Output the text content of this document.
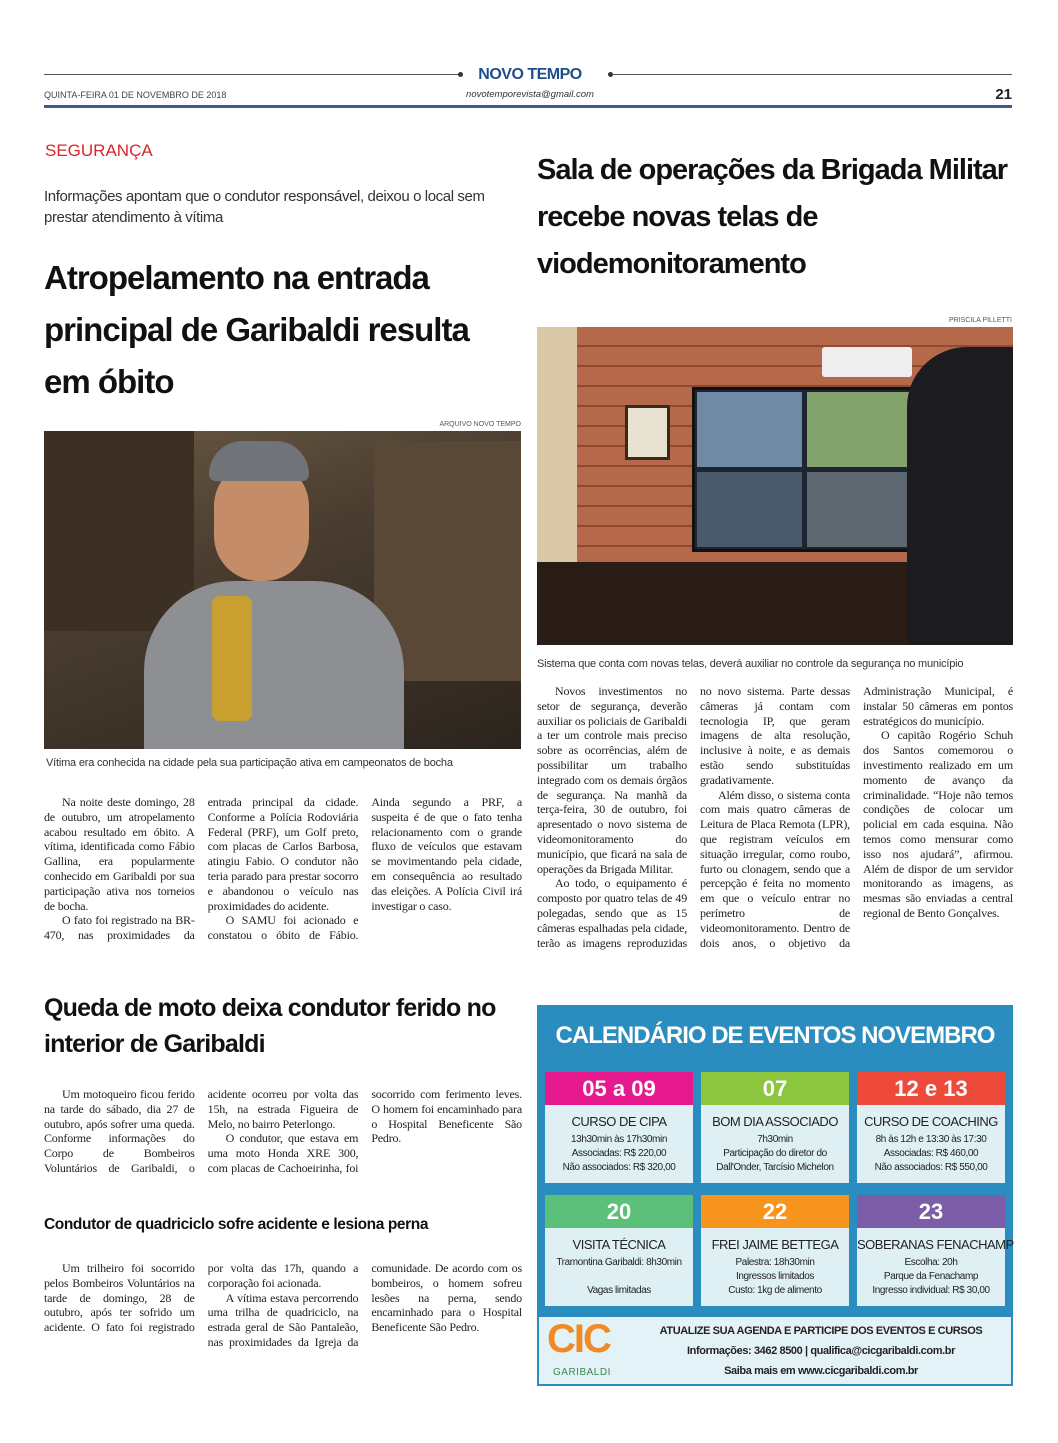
NOVO TEMPO
QUINTA-FEIRA 01 DE NOVEMBRO DE 2018	novotemporevista@gmail.com	21
SEGURANÇA
Informações apontam que o condutor responsável, deixou o local sem prestar atendimento à vítima
Atropelamento na entrada principal de Garibaldi resulta em óbito
ARQUIVO NOVO TEMPO
Vítima era conhecida na cidade pela sua participação ativa em campeonatos de bocha

Na noite deste domingo, 28 de outubro, um atropelamento acabou resultado em óbito. A vítima, identificada como Fábio Gallina, era popularmente conhecido em Garibaldi por sua participação ativa nos torneios de bocha.

O fato foi registrado na BR-470, nas proximidades da entrada principal da cidade. Conforme a Polícia Rodoviária Federal (PRF), um Golf preto, com placas de Carlos Barbosa, atingiu Fabio. O condutor não teria parado para prestar socorro e abandonou o veículo nas proximidades do acidente.

O SAMU foi acionado e constatou o óbito de Fábio. Ainda segundo a PRF, a suspeita é de que o fato tenha relacionamento com o grande fluxo de veículos que estavam se movimentando pela cidade, em consequência ao resultado das eleições. A Polícia Civil irá investigar o caso.

Sala de operações da Brigada Militar recebe novas telas de viodemonitoramento
PRISCILA PILLETTI
Sistema que conta com novas telas, deverá auxiliar no controle da segurança no município

Novos investimentos no setor de segurança, deverão auxiliar os policiais de Garibaldi a ter um controle mais preciso sobre as ocorrências, além de possibilitar um trabalho integrado com os demais órgãos de segurança. Na manhã da terça-feira, 30 de outubro, foi apresentado o novo sistema de videomonitoramento do município, que ficará na sala de operações da Brigada Militar.

Ao todo, o equipamento é composto por quatro telas de 49 polegadas, sendo que as 15 câmeras espalhadas pela cidade, terão as imagens reproduzidas no novo sistema. Parte dessas câmeras já contam com tecnologia IP, que geram imagens de alta resolução, inclusive à noite, e as demais estão sendo substituídas gradativamente.

Além disso, o sistema conta com mais quatro câmeras de Leitura de Placa Remota (LPR), que registram veículos em situação irregular, como roubo, furto ou clonagem, sendo que a percepção é feita no momento em que o veículo entrar no perímetro de videomonitoramento. Dentro de dois anos, o objetivo da Administração Municipal, é instalar 50 câmeras em pontos estratégicos do município.

O capitão Rogério Schuh dos Santos comemorou o investimento realizado em um momento de avanço da criminalidade. “Hoje não temos condições de colocar um policial em cada esquina. Não temos como mensurar como isso nos ajudará”, afirmou. Além de dispor de um servidor monitorando as imagens, as mesmas são enviadas a central regional de Bento Gonçalves.

Queda de moto deixa condutor ferido no interior de Garibaldi

Um motoqueiro ficou ferido na tarde do sábado, dia 27 de outubro, após sofrer uma queda. Conforme informações do Corpo de Bombeiros Voluntários de Garibaldi, o acidente ocorreu por volta das 15h, na estrada Figueira de Melo, no bairro Peterlongo.

O condutor, que estava em uma moto Honda XRE 300, com placas de Cachoeirinha, foi socorrido com ferimento leves. O homem foi encaminhado para o Hospital Beneficente São Pedro.

Condutor de quadriciclo sofre acidente e lesiona perna

Um trilheiro foi socorrido pelos Bombeiros Voluntários na tarde de domingo, 28 de outubro, após ter sofrido um acidente. O fato foi registrado por volta das 17h, quando a corporação foi acionada.

A vítima estava percorrendo uma trilha de quadriciclo, na estrada geral de São Pantaleão, nas proximidades da Igreja da comunidade. De acordo com os bombeiros, o homem sofreu lesões na perna, sendo encaminhado para o Hospital Beneficente São Pedro.

CALENDÁRIO DE EVENTOS NOVEMBRO
05 a 09
CURSO DE CIPA
13h30min às 17h30min
Associadas: R$ 220,00
Não associados: R$ 320,00
07
BOM DIA ASSOCIADO
7h30min
Participação do diretor do
Dall'Onder, Tarcísio Michelon
12 e 13
CURSO DE COACHING
8h às 12h e 13:30 às 17:30
Associadas: R$ 460,00
Não associados: R$ 550,00
20
VISITA TÉCNICA
Tramontina Garibaldi: 8h30min
Vagas limitadas
22
FREI JAIME BETTEGA
Palestra: 18h30min
Ingressos limitados
Custo: 1kg de alimento
23
SOBERANAS FENACHAMP
Escolha: 20h
Parque da Fenachamp
Ingresso individual: R$ 30,00
CIC
GARIBALDI
ATUALIZE SUA AGENDA E PARTICIPE DOS EVENTOS E CURSOS
Informações: 3462 8500 | qualifica@cicgaribaldi.com.br
Saiba mais em www.cicgaribaldi.com.br
